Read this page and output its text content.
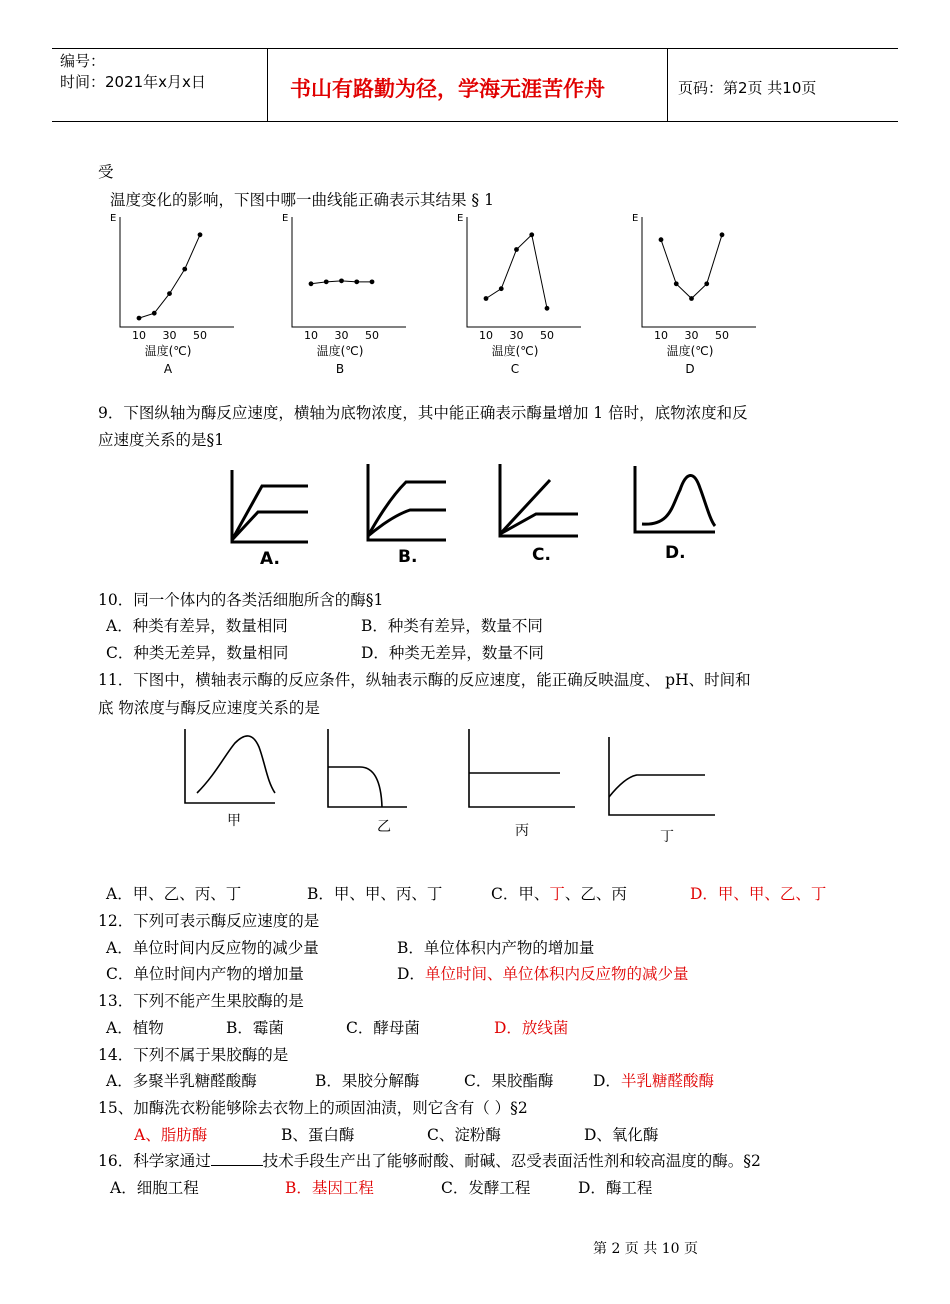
编号：
时间：2021年x月x日	书山有路勤为径，学海无涯苦作舟	页码：第2页 共10页
受
温度变化的影响，下图中哪一曲线能正确表示其结果 § 1
E
10 30 50
温度(℃)
A
E
10 30 50
温度(℃)
B
E
10 30 50
温度(℃)
C
E
10 30 50
温度(℃)
D
9．下图纵轴为酶反应速度，横轴为底物浓度，其中能正确表示酶量增加 1 倍时，底物浓度和反
应速度关系的是§1
A.	B.	C.	D.
10．同一个体内的各类活细胞所含的酶§1
A．种类有差异，数量相同	B．种类有差异，数量不同
C．种类无差异，数量相同	D．种类无差异，数量不同
11．下图中，横轴表示酶的反应条件，纵轴表示酶的反应速度，能正确反映温度、 pH、时间和
底 物浓度与酶反应速度关系的是
甲	乙	丙	丁
A．甲、乙、丙、丁	B．甲、甲、丙、丁	C．甲、丁、乙、丙	D．甲、甲、乙、丁
12．下列可表示酶反应速度的是
A．单位时间内反应物的减少量	B．单位体积内产物的增加量
C．单位时间内产物的增加量	D．单位时间、单位体积内反应物的减少量
13．下列不能产生果胶酶的是
A．植物	B．霉菌	C．酵母菌	D．放线菌
14．下列不属于果胶酶的是
A．多聚半乳糖醛酸酶	B．果胶分解酶	C．果胶酯酶	D．半乳糖醛酸酶
15、加酶洗衣粉能够除去衣物上的顽固油渍，则它含有（ ）§2
A、脂肪酶	B、蛋白酶	C、淀粉酶	D、氧化酶
16．科学家通过	技术手段生产出了能够耐酸、耐碱、忍受表面活性剂和较高温度的酶。§2
A．细胞工程	B．基因工程	C．发酵工程	D．酶工程
第 2 页 共 10 页
